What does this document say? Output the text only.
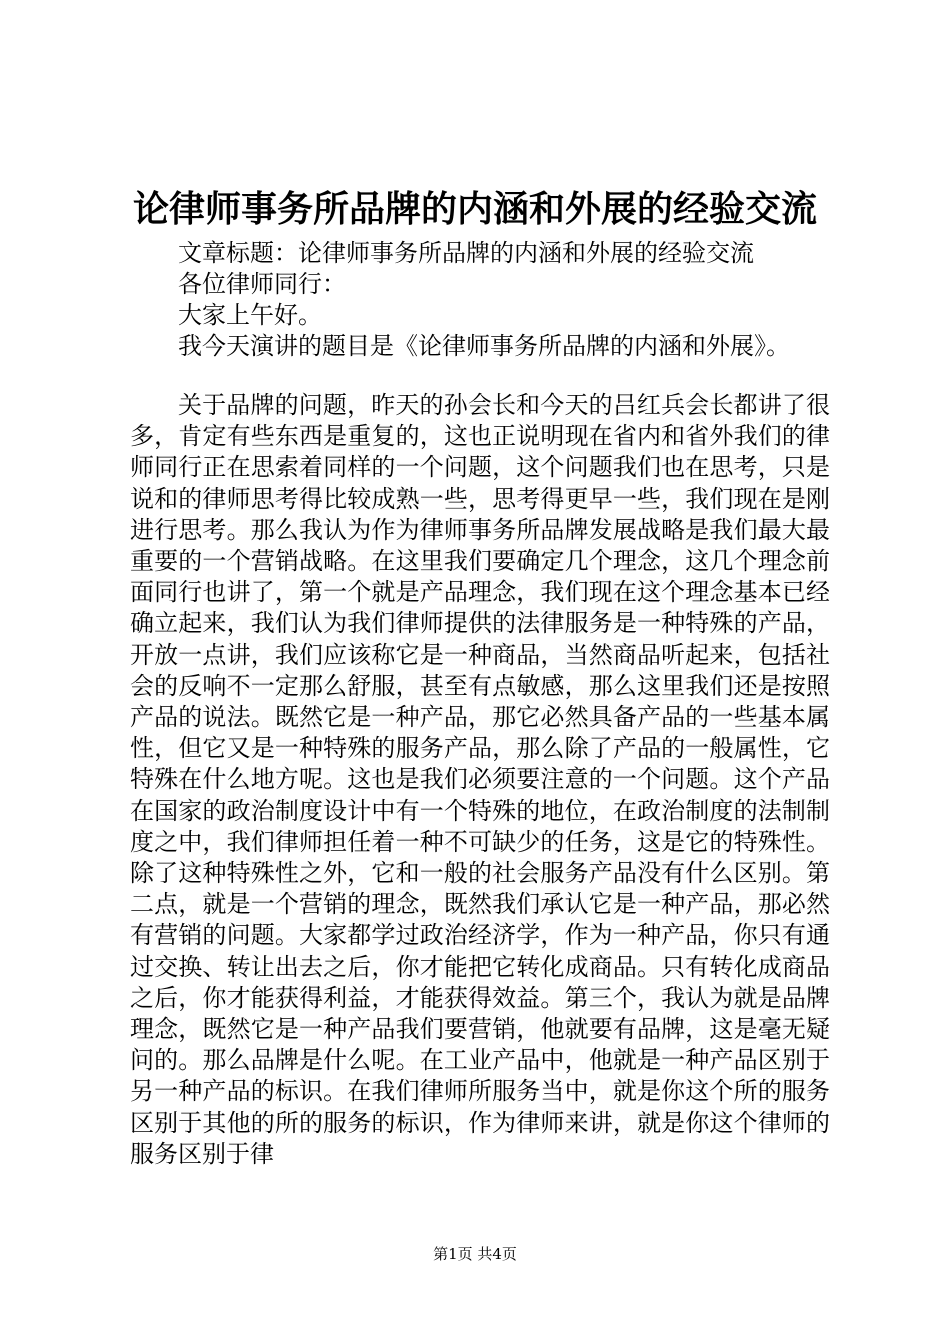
论律师事务所品牌的内涵和外展的经验交流

文章标题：论律师事务所品牌的内涵和外展的经验交流

各位律师同行：

大家上午好。

我今天演讲的题目是《论律师事务所品牌的内涵和外展》。

关于品牌的问题，昨天的孙会长和今天的吕红兵会长都讲了很多，肯定有些东西是重复的，这也正说明现在省内和省外我们的律师同行正在思索着同样的一个问题，这个问题我们也在思考，只是说和的律师思考得比较成熟一些，思考得更早一些，我们现在是刚进行思考。那么我认为作为律师事务所品牌发展战略是我们最大最重要的一个营销战略。在这里我们要确定几个理念，这几个理念前面同行也讲了，第一个就是产品理念，我们现在这个理念基本已经确立起来，我们认为我们律师提供的法律服务是一种特殊的产品，开放一点讲，我们应该称它是一种商品，当然商品听起来，包括社会的反响不一定那么舒服，甚至有点敏感，那么这里我们还是按照产品的说法。既然它是一种产品，那它必然具备产品的一些基本属性，但它又是一种特殊的服务产品，那么除了产品的一般属性，它特殊在什么地方呢。这也是我们必须要注意的一个问题。这个产品在国家的政治制度设计中有一个特殊的地位，在政治制度的法制制度之中，我们律师担任着一种不可缺少的任务，这是它的特殊性。除了这种特殊性之外，它和一般的社会服务产品没有什么区别。第二点，就是一个营销的理念，既然我们承认它是一种产品，那必然有营销的问题。大家都学过政治经济学，作为一种产品，你只有通过交换、转让出去之后，你才能把它转化成商品。只有转化成商品之后，你才能获得利益，才能获得效益。第三个，我认为就是品牌理念，既然它是一种产品我们要营销，他就要有品牌，这是毫无疑问的。那么品牌是什么呢。在工业产品中，他就是一种产品区别于另一种产品的标识。在我们律师所服务当中，就是你这个所的服务区别于其他的所的服务的标识，作为律师来讲，就是你这个律师的服务区别于律

第1页 共4页
